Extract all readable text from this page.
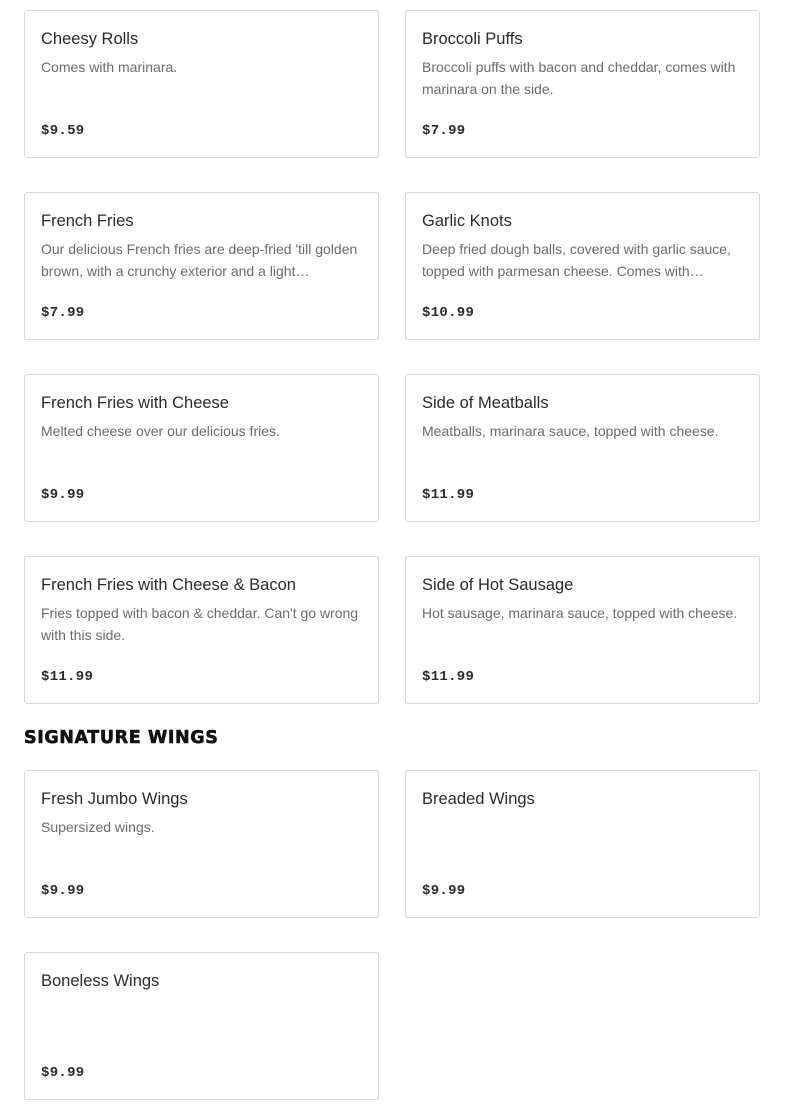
Cheesy Rolls
Comes with marinara.
$9.59
Broccoli Puffs
Broccoli puffs with bacon and cheddar, comes with marinara on the side.
$7.99
French Fries
Our delicious French fries are deep-fried 'till golden brown, with a crunchy exterior and a light…
$7.99
Garlic Knots
Deep fried dough balls, covered with garlic sauce, topped with parmesan cheese. Comes with…
$10.99
French Fries with Cheese
Melted cheese over our delicious fries.
$9.99
Side of Meatballs
Meatballs, marinara sauce, topped with cheese.
$11.99
French Fries with Cheese & Bacon
Fries topped with bacon & cheddar. Can't go wrong with this side.
$11.99
Side of Hot Sausage
Hot sausage, marinara sauce, topped with cheese.
$11.99
SIGNATURE WINGS
Fresh Jumbo Wings
Supersized wings.
$9.99
Breaded Wings
$9.99
Boneless Wings
$9.99
